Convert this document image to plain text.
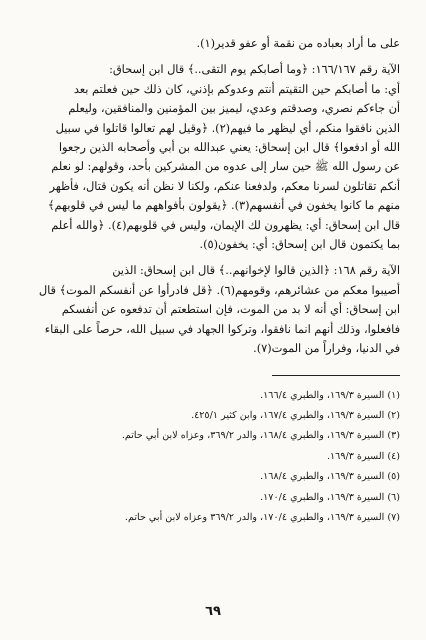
على ما أراد بعباده من نقمة أو عفو قدير(١).
الآية رقم ١٦٦/١٦٧: ﴿وما أصابكم يوم التقى..﴾ قال ابن إسحاق:
أي: ما أصابكم حين التقيتم أنتم وعدوكم بإذني، كان ذلك حين فعلتم بعد
أن جاءكم نصري، وصدقتم وعدي، ليميز بين المؤمنين والمنافقين، وليعلم
الذين نافقوا منكم، أي ليظهر ما فيهم(٢). ﴿وقيل لهم تعالوا قاتلوا في سبيل
الله أو ادفعوا﴾ قال ابن إسحاق: يعني عبدالله بن أبي وأصحابه الذين رجعوا
عن رسول الله ﷺ حين سار إلى عدوه من المشركين بأحد، وقولهم: لو نعلم
أنكم تقاتلون لسرنا معكم، ولدفعنا عنكم، ولكنا لا نظن أنه يكون قتال، فأظهر
منهم ما كانوا يخفون في أنفسهم(٣). ﴿يقولون بأفواههم ما ليس في قلوبهم﴾
قال ابن إسحاق: أي: يظهرون لك الإيمان، وليس في قلوبهم(٤). ﴿والله أعلم
بما يكتمون قال ابن إسحاق: أي: يخفون(٥).
الآية رقم ١٦٨: ﴿الذين قالوا لإخوانهم..﴾ قال ابن إسحاق: الذين
أصيبوا معكم من عشائرهم، وقومهم(٦). ﴿قل فادرأوا عن أنفسكم الموت﴾ قال
ابن إسحاق: أي أنه لا بد من الموت، فإن استطعتم أن تدفعوه عن أنفسكم
فافعلوا، وذلك أنهم انما نافقوا، وتركوا الجهاد في سبيل الله، حرصاً على البقاء
في الدنيا، وفراراً من الموت(٧).
(١) السيرة ١٦٩/٣، والطبري ١٦٦/٤.
(٢) السيرة ١٦٩/٣، والطبري ١٦٧/٤، وابن كثير ٤٢٥/١.
(٣) السيرة ١٦٩/٣، والطبري ١٦٨/٤، والدر ٣٦٩/٢، وعزاه لابن أبي حاتم.
(٤) السيرة ١٦٩/٣.
(٥) السيرة ١٦٩/٣، والطبري ١٦٨/٤.
(٦) السيرة ١٦٩/٣، والطبري ١٧٠/٤.
(٧) السيرة ١٦٩/٣، والطبري ١٧٠/٤، والدر ٣٦٩/٢ وعزاه لابن أبي حاتم.
٦٩
